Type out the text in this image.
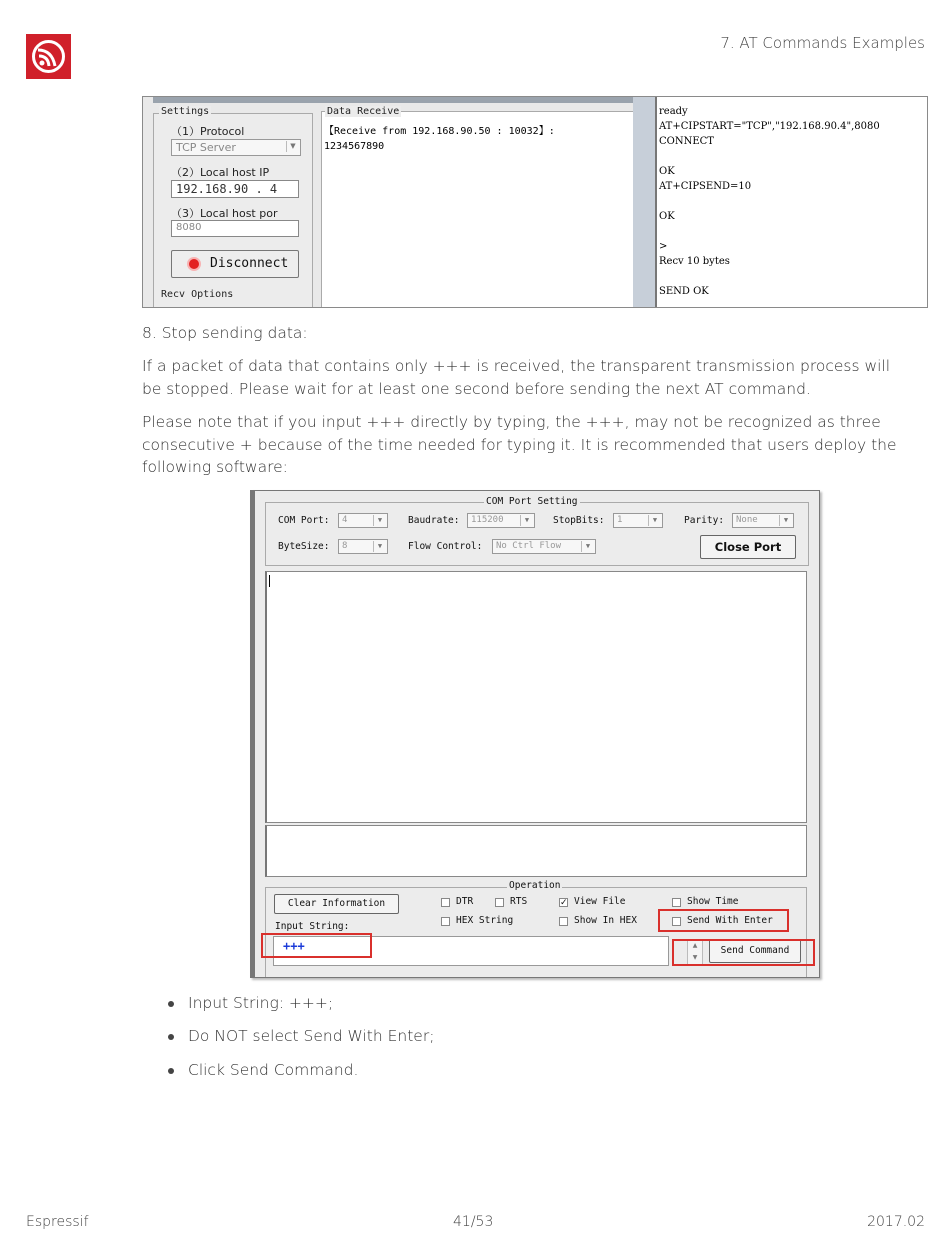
7. AT Commands Examples
Settings
（1）Protocol
TCP Server	▼
（2）Local host IP
192.168.90 . 4
（3）Local host por
8080
Disconnect
Recv Options
【Receive from 192.168.90.50 : 10032】:
1234567890
Data Receive	ready
AT+CIPSTART="TCP","192.168.90.4",8080
CONNECT
OK
AT+CIPSEND=10
OK
>
Recv 10 bytes
SEND OK
8. Stop sending data:
If a packet of data that contains only +++ is received, the transparent transmission process will be stopped. Please wait for at least one second before sending the next AT command.
Please note that if you input +++ directly by typing, the +++, may not be recognized as three consecutive + because of the time needed for typing it. It is recommended that users deploy the following software:
COM Port Setting
COM Port:	4	▼	Baudrate:	115200	▼	StopBits:	1	▼	Parity:	None	▼
ByteSize:	8	▼	Flow Control:	No Ctrl Flow	▼	Close Port
Operation
Clear Information	DTR	RTS	✓ View File	Show Time
HEX String	Show In HEX	Send With Enter
Input String:
+++	▲
▼
Send Command
Input String: +++;
Do NOT select Send With Enter;
Click Send Command.
Espressif	41/53	2017.02
